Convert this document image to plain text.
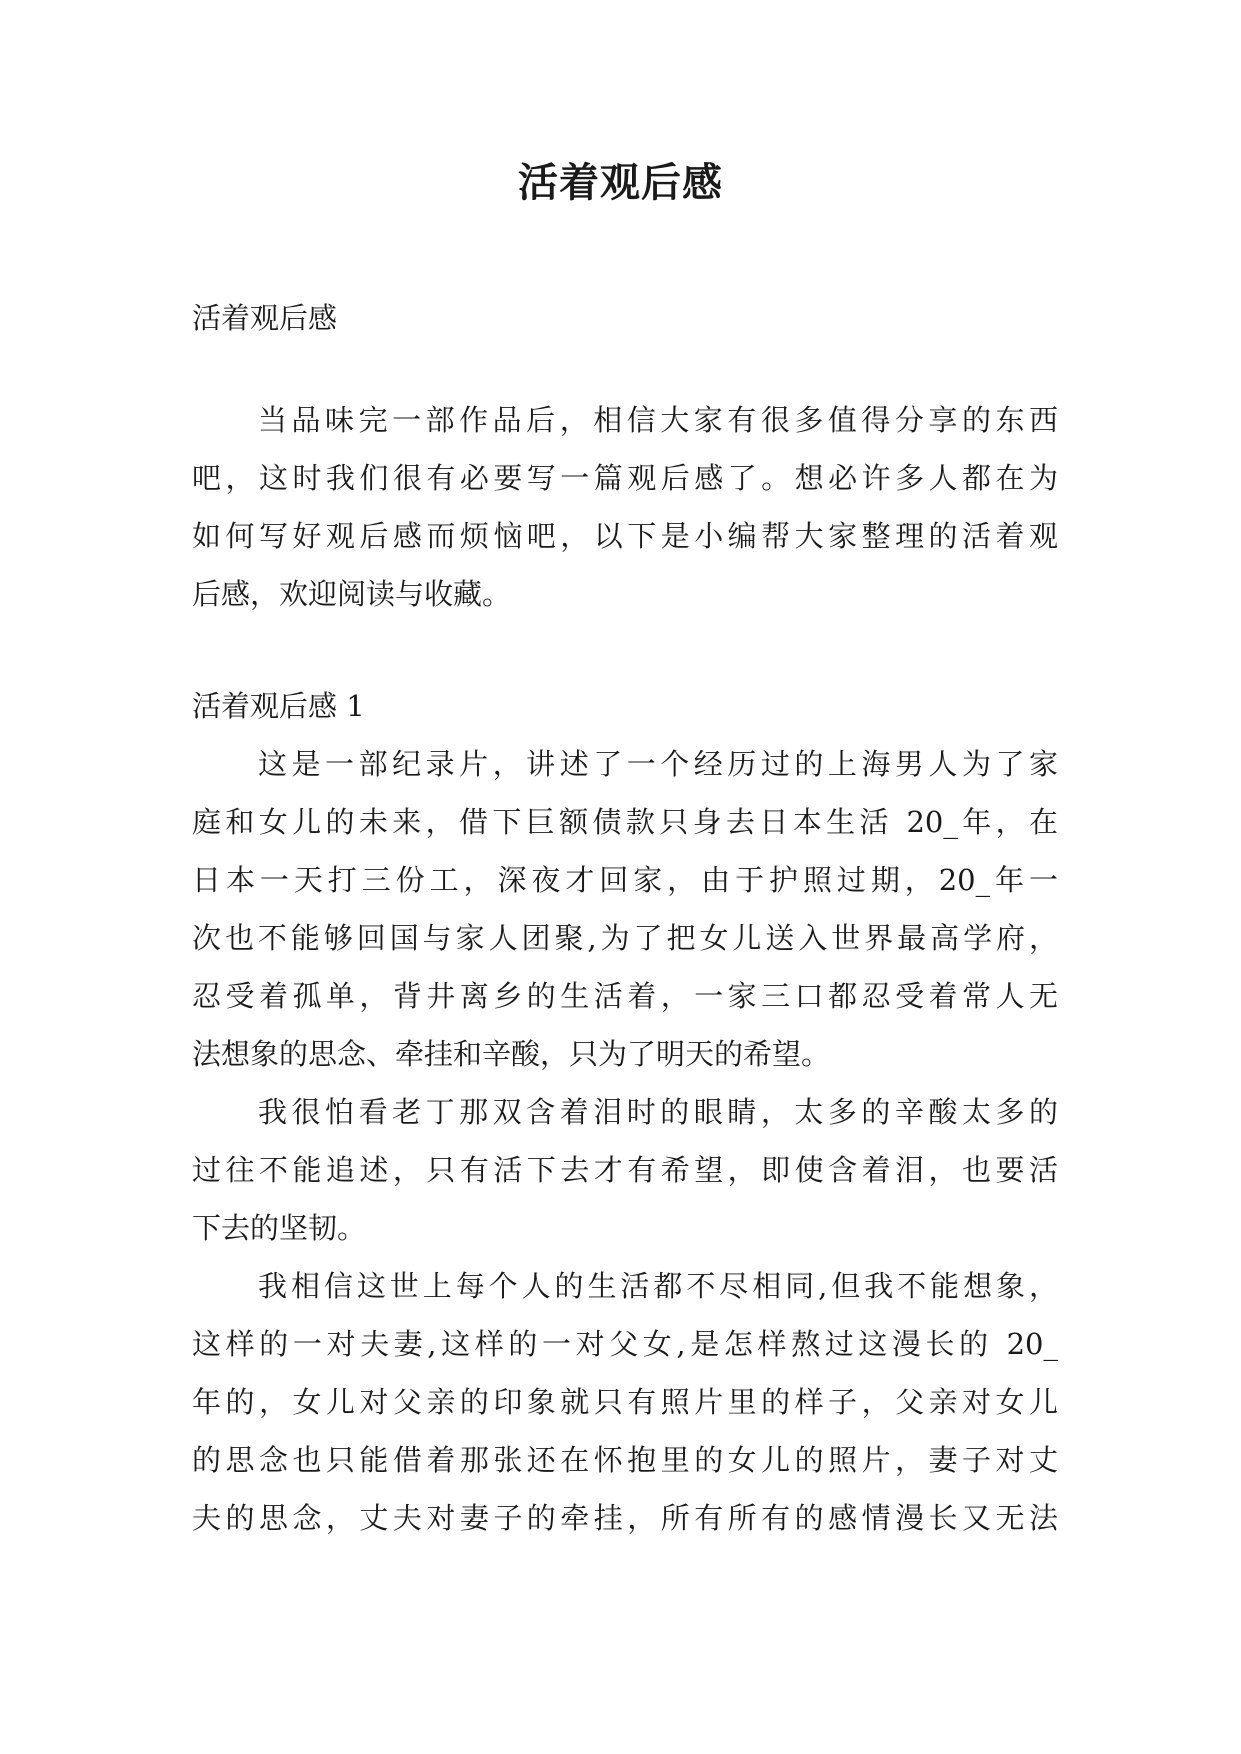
活着观后感
活着观后感
当品味完一部作品后，相信大家有很多值得分享的东西
吧，这时我们很有必要写一篇观后感了。想必许多人都在为
如何写好观后感而烦恼吧，以下是小编帮大家整理的活着观
后感，欢迎阅读与收藏。
活着观后感 1
这是一部纪录片，讲述了一个经历过的上海男人为了家
庭和女儿的未来，借下巨额债款只身去日本生活 20_年，在
日本一天打三份工，深夜才回家，由于护照过期，20_年一
次也不能够回国与家人团聚,为了把女儿送入世界最高学府，
忍受着孤单，背井离乡的生活着，一家三口都忍受着常人无
法想象的思念、牵挂和辛酸，只为了明天的希望。
我很怕看老丁那双含着泪时的眼睛，太多的辛酸太多的
过往不能追述，只有活下去才有希望，即使含着泪，也要活
下去的坚韧。
我相信这世上每个人的生活都不尽相同,但我不能想象，
这样的一对夫妻,这样的一对父女,是怎样熬过这漫长的 20_
年的，女儿对父亲的印象就只有照片里的样子，父亲对女儿
的思念也只能借着那张还在怀抱里的女儿的照片，妻子对丈
夫的思念，丈夫对妻子的牵挂，所有所有的感情漫长又无法
